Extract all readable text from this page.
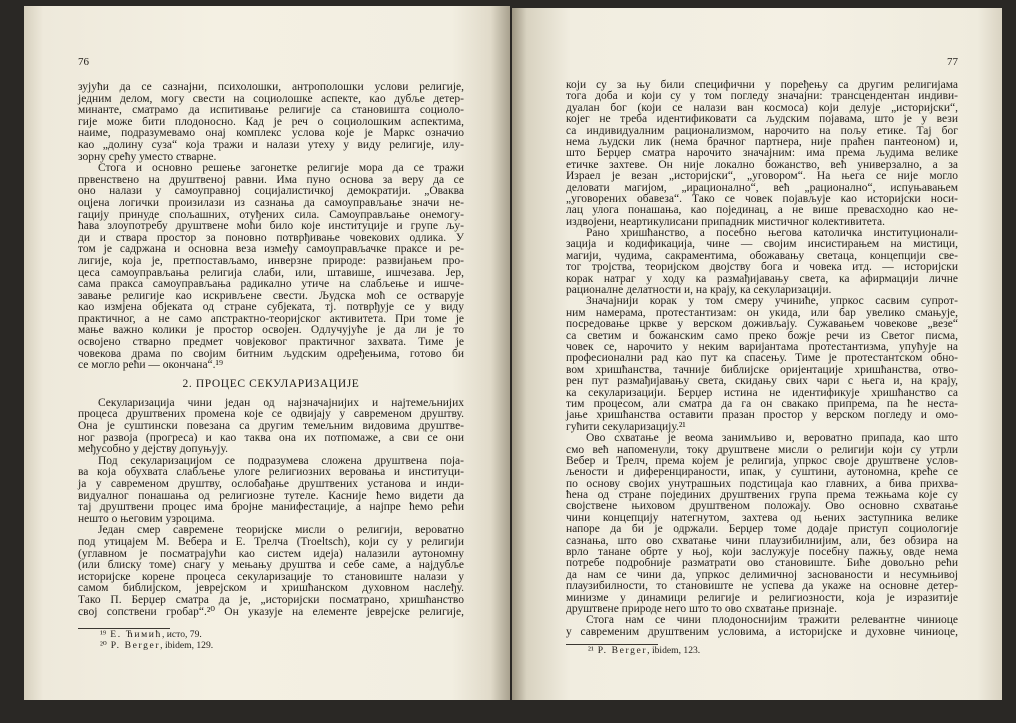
76
зујући да се сазнајни, психолошки, антрополошки услови религије,
једним делом, могу свести на социолошке аспекте, као дубље детер-
минанте, сматрамо да испитивање религије са становишта социоло-
гије може бити плодоносно. Кад је реч о социолошким аспектима,
наиме, подразумевамо онај комплекс услова које је Маркс означио
као „долину суза“ која тражи и налази утеху у виду религије, илу-
зорну срећу уместо стварне.
Стога и основно решење загонетке религије мора да се тражи
првенствено на друштвеној равни. Има пуно основа за веру да се
оно налази у самоуправној социјалистичкој демократији. „Оваква
оцјена логички произилази из сазнања да самоуправљање значи не-
гацију принуде спољашних, отуђених сила. Самоуправљање онемогу-
ћава злоупотребу друштвене моћи било које институције и групе љу-
ди и ствара простор за поновно потврђивање човекових одлика. У
том је садржана и основна веза између самоуправљачке праксе и ре-
лигије, која је, претпостављамо, инверзне природе: развијањем про-
цеса самоуправљања религија слаби, или, штавише, ишчезава. Јер,
сама пракса самоуправљања радикално утиче на слабљење и ишче-
завање религије као искривљене свести. Људска моћ се остварује
као измјена објеката од стране субјеката, тј. потврђује се у виду
практичног, а не само апстрактно-теоријског активитета. При томе је
мање важно колики је простор освојен. Одлучујуће је да ли је то
освојено стварно предмет човјековог практичног захвата. Тиме је
човекова драма по својим битним људским одређењима, готово би
се могло рећи — окончана“.¹⁹
2. ПРОЦЕС СЕКУЛАРИЗАЦИЈЕ
Секуларизација чини један од најзначајнијих и најтемељнијих
процеса друштвених промена које се одвијају у савременом друштву.
Она је суштински повезана са другим темељним видовима друштве-
ног развоја (прогреса) и као таква она их потпомаже, а сви се они
међусобно у дејству допуњују.
Под секуларизацијом се подразумева сложена друштвена поја-
ва која обухвата слабљење улоге религиозних веровања и институци-
ја у савременом друштву, ослобађање друштвених установа и инди-
видуалног понашања од религиозне тутеле. Касније ћемо видети да
тај друштвени процес има бројне манифестације, а најпре ћемо рећи
нешто о његовим узроцима.
Један смер савремене теоријске мисли о религији, вероватно
под утицајем М. Вебера и Е. Трелча (Troeltsch), који су у религији
(углавном је посматрајући као систем идеја) налазили аутономну
(или блиску томе) снагу у мењању друштва и себе саме, а најдубље
историјске корене процеса секуларизације то становиште налази у
самом библијском, јеврејском и хришћанском духовном наслеђу.
Тако П. Берџер сматра да је, „историјски посматрано, хришћанство
свој сопствени гробар“.²⁰ Он указује на елементе јеврејске религије,
¹⁹ Е. Ћимић, исто, 79.
²⁰ P. Berger, ibidem, 129.
77
који су за њу били специфични у поређењу са другим религијама
тога доба и који су у том погледу значајни: трансцендентан индиви-
дуалан бог (који се налази ван космоса) који делује „историјски“,
којег не треба идентификовати са људским појавама, што је у вези
са индивидуалним рационализмом, нарочито на пољу етике. Тај бог
нема људски лик (нема брачног партнера, није праћен пантеоном) и,
што Берџер сматра нарочито значајним: има према људима велике
етичке захтеве. Он није локално божанство, већ универзално, а за
Израел је везан „историјски“, „уговором“. На њега се није могло
деловати магијом, „ирационално“, већ „рационално“, испуњавањем
„уговорених обавеза“. Тако се човек појављује као историјски носи-
лац улога понашања, као појединац, а не више превасходно као не-
издвојени, неартикулисани припадник мистичног колективитета.
Рано хришћанство, а посебно његова католичка институционали-
зација и кодификација, чине — својим инсистирањем на мистици,
магији, чудима, сакраментима, обожавању светаца, концепцији све-
тог тројства, теоријском двојству бога и човека итд. — историјски
корак натраг у ходу ка размађијавању света, ка афирмацији личне
рационалне делатности и, на крају, ка секуларизацији.
Значајнији корак у том смеру учиниће, упркос сасвим супрот-
ним намерама, протестантизам: он укида, или бар увелико смањује,
посредовање цркве у верском доживљају. Сужавањем човекове „везе“
са светим и божанским само преко божје речи из Светог писма,
човек се, нарочито у неким варијантама протестантизма, упућује на
професионални рад као пут ка спасењу. Тиме је протестантском обно-
вом хришћанства, тачније библијске оријентације хришћанства, отво-
рен пут размађијавању света, скидању свих чари с њега и, на крају,
ка секуларизацији. Берџер истина не идентификује хришћанство са
тим процесом, али сматра да га он свакако припрема, па ће неста-
јање хришћанства оставити празан простор у верском погледу и омо-
гућити секуларизацију.²¹
Ово схватање је веома занимљиво и, вероватно припада, као што
смо већ напоменули, току друштвене мисли о религији који су утрли
Вебер и Трелч, према којем је религија, упркос своје друштвене услов-
љености и диференцираности, ипак, у суштини, аутономна, креће се
по основу својих унутрашњих подстицаја као главних, а бива прихва-
ћена од стране појединих друштвених група према тежњама које су
својствене њиховом друштвеном положају. Ово основно схватање
чини концепцију натегнутом, захтева од њених заступника велике
напоре да би је одржали. Берџер томе додаје приступ социологије
сазнања, што ово схватање чини плаузибилнијим, али, без обзира на
врло танане обрте у њој, који заслужује посебну пажњу, овде нема
потребе подробније разматрати ово становиште. Биће довољно рећи
да нам се чини да, упркос делимичној заснованости и несумњивој
плаузибилности, то становиште не успева да укаже на основне детер-
минизме у динамици религије и религиозности, која је изразитије
друштвене природе него што то ово схватање признаје.
Стога нам се чини плодоноснијим тражити релевантне чиниоце
у савременим друштвеним условима, а историјске и духовне чиниоце,
²¹ P. Berger, ibidem, 123.
